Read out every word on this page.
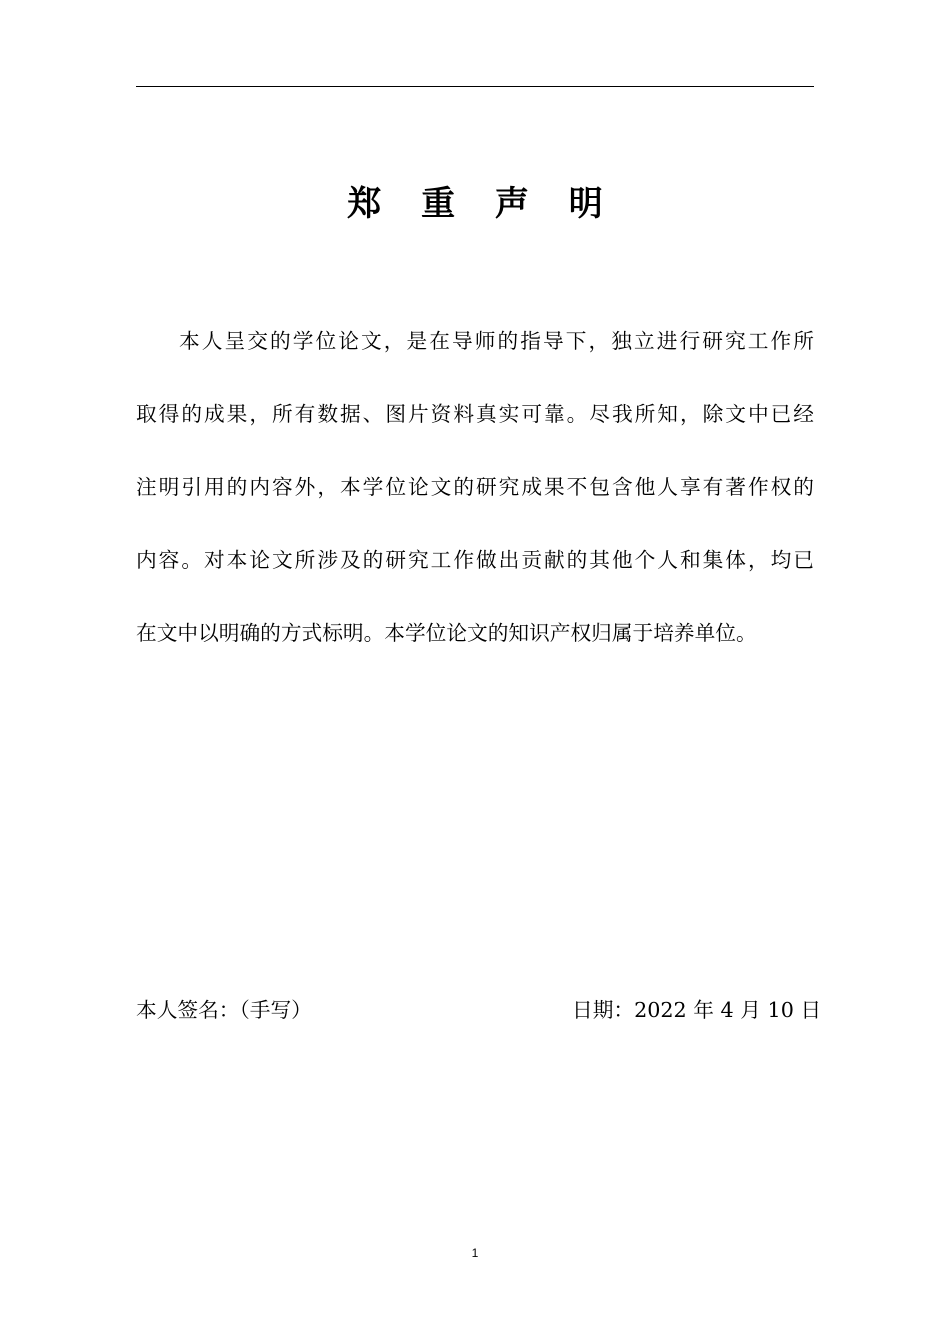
郑 重 声 明
本人呈交的学位论文，是在导师的指导下，独立进行研究工作所
取得的成果，所有数据、图片资料真实可靠。尽我所知，除文中已经
注明引用的内容外，本学位论文的研究成果不包含他人享有著作权的
内容。对本论文所涉及的研究工作做出贡献的其他个人和集体，均已
在文中以明确的方式标明。本学位论文的知识产权归属于培养单位。
本人签名：（手写）	日期：2022 年 4 月 10 日
1
